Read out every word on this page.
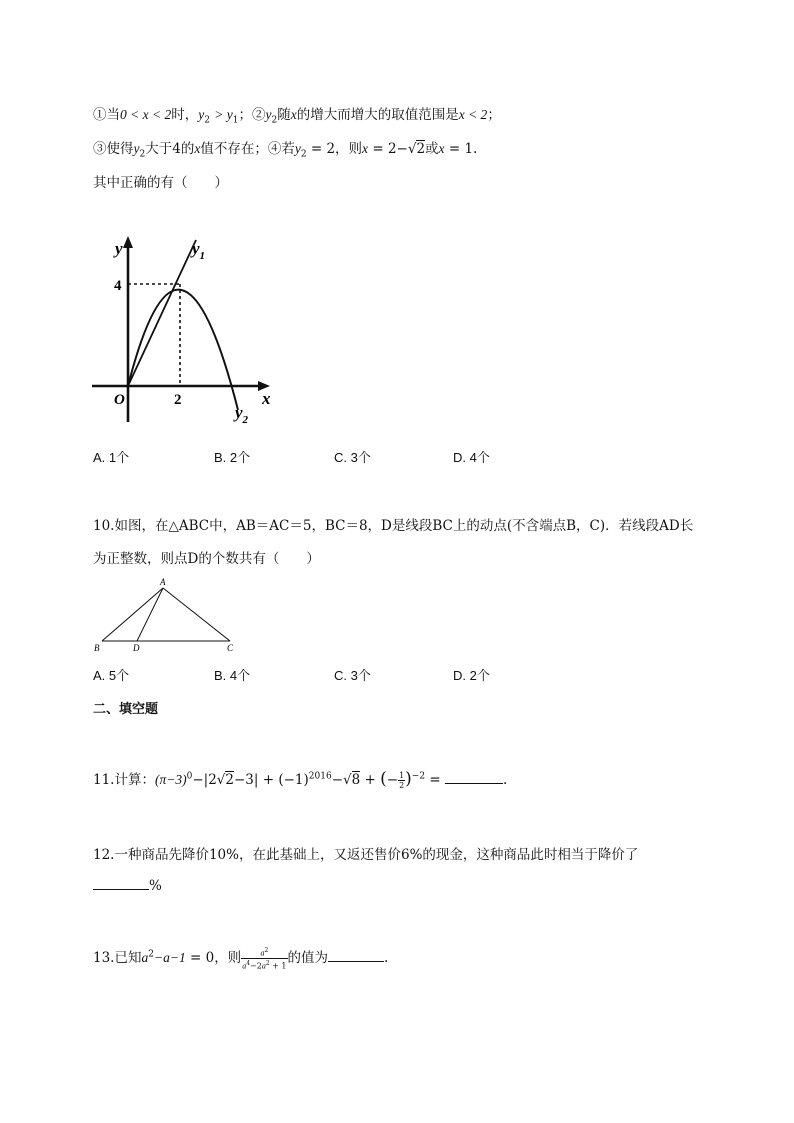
①当0 < x < 2时，$y_2 > y_1$；$②y_2$随x的增大而增大的取值范围是x < 2；
③使得$y_2$大于4的x值不存在；④若$y_2 = 2$，则x = 2−√2或x = 1.
其中正确的有（　　）
y
x
O
4
2
$y_1$
$y_2$
A. 1个	B. 2个	C. 3个	D. 4个
10.如图，在△ABC中，AB＝AC＝5，BC＝8，D是线段BC上的动点(不含端点B，C)．若线段AD长
为正整数，则点D的个数共有（　　）
A
B	C
D
A. 5个	B. 4个	C. 3个	D. 2个
二、填空题
11.计算：$(\pi-3)^0-|2√2-3| + (-1)^{2016}-√8$ + (− $\frac{1}{2} )^{-2}$ =	.
12.一种商品先降价10%，在此基础上，又返还售价6%的现金，这种商品此时相当于降价了
%
13.已知$a^2-a-1 = 0$，则 $\frac{a^2}{a^4-2a^2 + 1}$ 的值为	.
